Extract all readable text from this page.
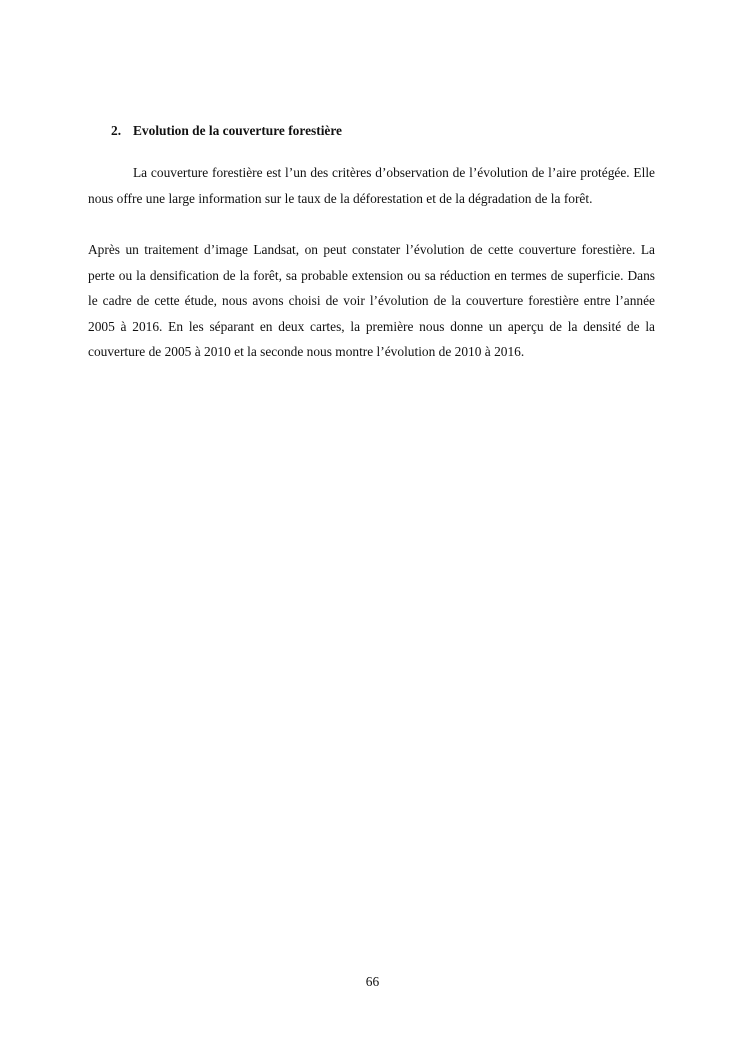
2. Evolution de la couverture forestière

La couverture forestière est l’un des critères d’observation de l’évolution de l’aire protégée. Elle nous offre une large information sur le taux de la déforestation et de la dégradation de la forêt.

Après un traitement d’image Landsat, on peut constater l’évolution de cette couverture forestière. La perte ou la densification de la forêt, sa probable extension ou sa réduction en termes de superficie. Dans le cadre de cette étude, nous avons choisi de voir l’évolution de la couverture forestière entre l’année 2005 à 2016. En les séparant en deux cartes, la première nous donne un aperçu de la densité de la couverture de 2005 à 2010 et la seconde nous montre l’évolution de 2010 à 2016.

66
